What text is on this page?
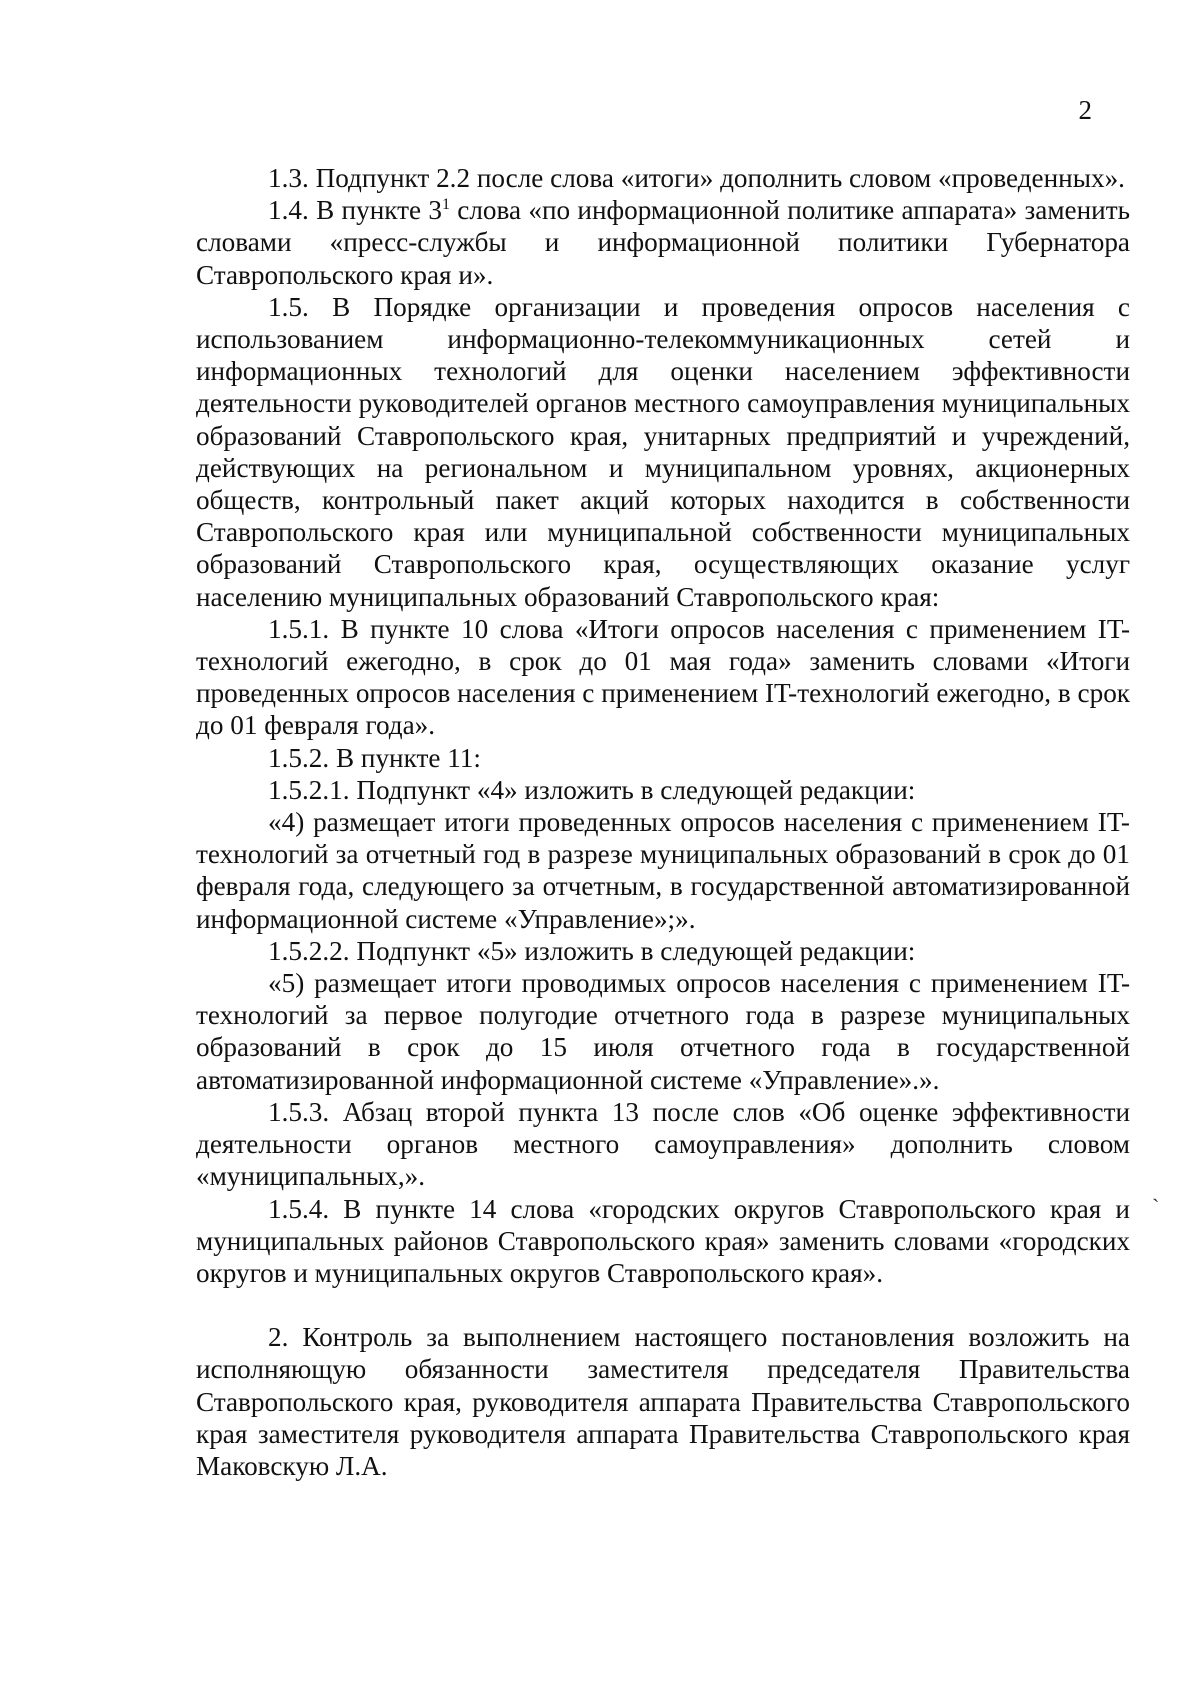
2

1.3. Подпункт 2.2 после слова «итоги» дополнить словом «проведенных».

1.4. В пункте $3^1$ слова «по информационной политике аппарата» заменить словами «пресс-службы и информационной политики Губернатора Ставропольского края и».

1.5. В Порядке организации и проведения опросов населения с использованием информационно-телекоммуникационных сетей и информационных технологий для оценки населением эффективности деятельности руководителей органов местного самоуправления муниципальных образований Ставропольского края, унитарных предприятий и учреждений, действующих на региональном и муниципальном уровнях, акционерных обществ, контрольный пакет акций которых находится в собственности Ставропольского края или муниципальной собственности муниципальных образований Ставропольского края, осуществляющих оказание услуг населению муниципальных образований Ставропольского края:

1.5.1. В пункте 10 слова «Итоги опросов населения с применением IT-технологий ежегодно, в срок до 01 мая года» заменить словами «Итоги проведенных опросов населения с применением IT-технологий ежегодно, в срок до 01 февраля года».

1.5.2. В пункте 11:

1.5.2.1. Подпункт «4» изложить в следующей редакции:

«4) размещает итоги проведенных опросов населения с применением IT-технологий за отчетный год в разрезе муниципальных образований в срок до 01 февраля года, следующего за отчетным, в государственной автоматизированной информационной системе «Управление»;».

1.5.2.2. Подпункт «5» изложить в следующей редакции:

«5) размещает итоги проводимых опросов населения с применением IT-технологий за первое полугодие отчетного года в разрезе муниципальных образований в срок до 15 июля отчетного года в государственной автоматизированной информационной системе «Управление».».

1.5.3. Абзац второй пункта 13 после слов «Об оценке эффективности деятельности органов местного самоуправления» дополнить словом «муниципальных,».

1.5.4. В пункте 14 слова «городских округов Ставропольского края и муниципальных районов Ставропольского края» заменить словами «городских округов и муниципальных округов Ставропольского края».

2. Контроль за выполнением настоящего постановления возложить на исполняющую обязанности заместителя председателя Правительства Ставропольского края, руководителя аппарата Правительства Ставропольского края заместителя руководителя аппарата Правительства Ставропольского края Маковскую Л.А.

`
